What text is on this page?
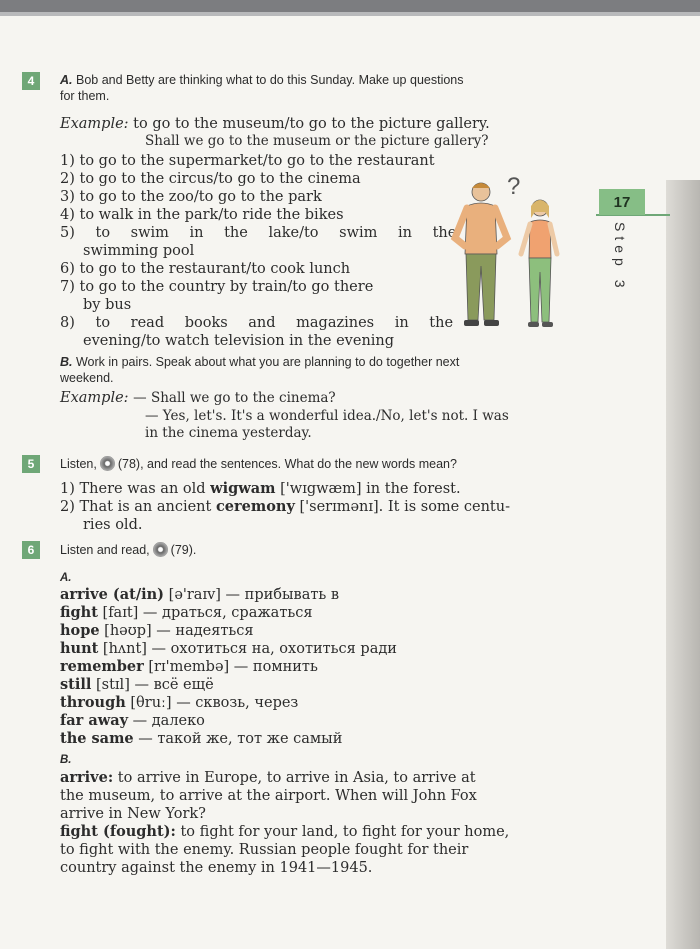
17
Step 3
4	A. Bob and Betty are thinking what to do this Sunday. Make up questions
for them.
Example: to go to the museum/to go to the picture gallery.
Shall we go to the museum or the picture gallery?
1) to go to the supermarket/to go to the restaurant
2) to go to the circus/to go to the cinema
3) to go to the zoo/to go to the park
4) to walk in the park/to ride the bikes
5) to swim in the lake/to swim in the
swimming pool
6) to go to the restaurant/to cook lunch
7) to go to the country by train/to go there
by bus
8) to read books and magazines in the
evening/to watch television in the evening
?
B. Work in pairs. Speak about what you are planning to do together next
weekend.
Example: — Shall we go to the cinema?
— Yes, let's. It's a wonderful idea./No, let's not. I was
in the cinema yesterday.
5	Listen, (78), and read the sentences. What do the new words mean?
1) There was an old wigwam ['wɪgwæm] in the forest.
2) That is an ancient ceremony ['serɪmənɪ]. It is some centu-
ries old.
6	Listen and read, (79).
A.
arrive (at/in) [ə'raɪv] — прибывать в
fight [faɪt] — драться, сражаться
hope [həʊp] — надеяться
hunt [hʌnt] — охотиться на, охотиться ради
remember [rɪ'membə] — помнить
still [stɪl] — всё ещё
through [θruː] — сквозь, через
far away — далеко
the same — такой же, тот же самый
B.
arrive: to arrive in Europe, to arrive in Asia, to arrive at
the museum, to arrive at the airport. When will John Fox
arrive in New York?
fight (fought): to fight for your land, to fight for your home,
to fight with the enemy. Russian people fought for their
country against the enemy in 1941—1945.
